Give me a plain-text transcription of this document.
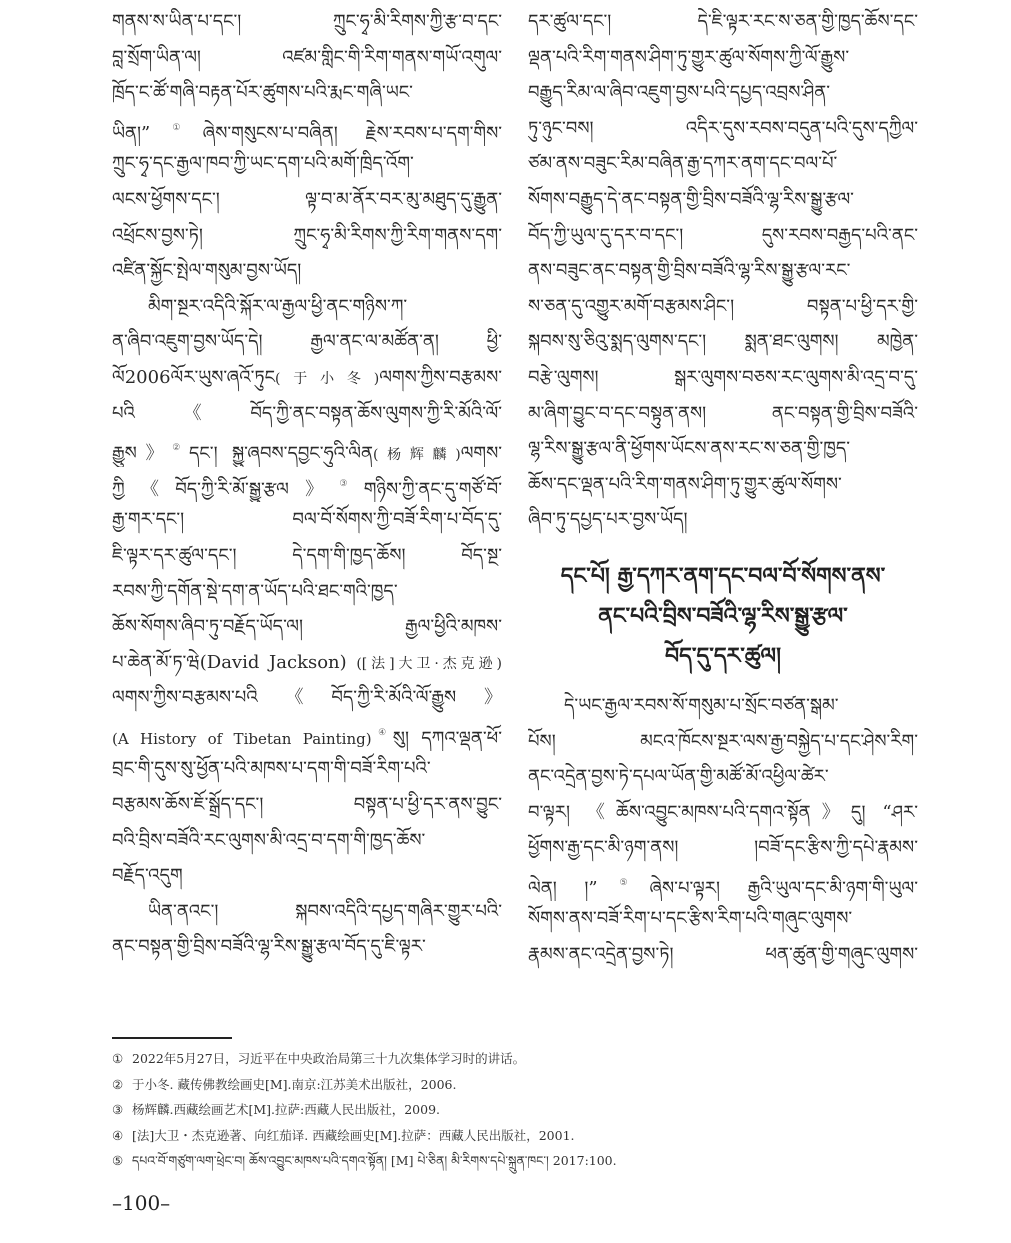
གནས་ས་ཡིན་པ་དང་། ཀྲུང་ཧྭ་མི་རིགས་ཀྱི་རྩ་བ་དང་
བླ་སྲོག་ཡིན་ལ། འཛམ་གླིང་གི་རིག་གནས་གཡོ་འགུལ་
ཁྲོད་ང་ཚོ་གཞི་བརྟན་པོར་ཚུགས་པའི་རྨང་གཞི་ཡང་
ཡིན།”①ཞེས་གསུངས་པ་བཞིན། རྗེས་རབས་པ་དག་གིས་
ཀྲུང་ཧྭ་དང་རྒྱལ་ཁབ་ཀྱི་ཡང་དག་པའི་མགོ་ཁྲིད་འོག་
ལངས་ཕྱོགས་དང་། ལྟ་བ་མ་ནོར་བར་མུ་མཐུད་དུ་རྒྱུན་
འཕྲོངས་བྱས་ཏེ། ཀྲུང་ཧྭ་མི་རིགས་ཀྱི་རིག་གནས་དག་
འཛིན་སྐྱོང་སྤེལ་གསུམ་བྱས་ཡོད།
མིག་སྔར་འདིའི་སྐོར་ལ་རྒྱལ་ཕྱི་ནང་གཉིས་ཀ་
ན་ཞིབ་འཇུག་བྱས་ཡོད་དེ། རྒྱལ་ནང་ལ་མཚོན་ན། ཕྱི་
ལོ2006ལོར་ཡུས་ཞའོ་ཏུང(于小冬)ལགས་ཀྱིས་བརྩམས་
པའི《བོད་ཀྱི་ནང་བསྟན་ཆོས་ལུགས་ཀྱི་རི་མོའི་ལོ་
རྒྱུས》②དང་། སྐྱུ་ཞབས་དབྱང་ཧུའི་ལིན(杨辉麟)ལགས་
ཀྱི《བོད་ཀྱི་རི་མོ་སྒྱུ་རྩལ》③གཉིས་ཀྱི་ནང་དུ་གཙོ་བོ་
རྒྱ་གར་དང་། བལ་བོ་སོགས་ཀྱི་བཟོ་རིག་པ་བོད་དུ་
ཇི་ལྟར་དར་ཚུལ་དང་། དེ་དག་གི་ཁྱད་ཆོས། བོད་སྔ་
རབས་ཀྱི་དགོན་སྡེ་དག་ན་ཡོད་པའི་ཐང་གའི་ཁྱད་
ཆོས་སོགས་ཞིབ་ཏུ་བརྗོད་ཡོད་ལ། རྒྱལ་ཕྱིའི་མཁས་
པ་ཆེན་མོ་ཏ་ཝེ(David Jackson) ([法]大卫·杰克逊)
ལགས་ཀྱིས་བརྩམས་པའི《བོད་ཀྱི་རི་མོའི་ལོ་རྒྱུས》
(A History of Tibetan Painting)④སུ། དཀའ་ལྡན་ཕོ་
བྲང་གི་དུས་སུ་ཕྱོན་པའི་མཁས་པ་དག་གི་བཟོ་རིག་པའི་
བརྩམས་ཆོས་ཇོ་སྒྲོད་དང་། བསྟན་པ་ཕྱི་དར་ནས་བྱུང་
བའི་བྲིས་བཟོའི་རང་ལུགས་མི་འདྲ་བ་དག་གི་ཁྱད་ཆོས་
བརྗོད་འདུག
ཡིན་ནའང་། སྐབས་འདིའི་དཔྱད་གཞིར་གྱུར་པའི་
ནང་བསྟན་གྱི་བྲིས་བཟོའི་ལྷ་རིས་སྒྱུ་རྩལ་བོད་དུ་ཇི་ལྟར་
དར་ཚུལ་དང་། དེ་ཇི་ལྟར་རང་ས་ཅན་གྱི་ཁྱད་ཆོས་དང་
ལྡན་པའི་རིག་གནས་ཤིག་ཏུ་གྱུར་ཚུལ་སོགས་ཀྱི་ལོ་རྒྱུས་
བརྒྱུད་རིམ་ལ་ཞིབ་འཇུག་བྱས་པའི་དཔྱད་འབྲས་ཤིན་
ཏུ་ཉུང་བས། འདིར་དུས་རབས་བདུན་པའི་དུས་དཀྱིལ་
ཙམ་ནས་བཟུང་རིམ་བཞིན་རྒྱ་དཀར་ནག་དང་བལ་པོ་
སོགས་བརྒྱུད་དེ་ནང་བསྟན་གྱི་བྲིས་བཟོའི་ལྷ་རིས་སྒྱུ་རྩལ་
བོད་ཀྱི་ཡུལ་དུ་དར་བ་དང་། དུས་རབས་བརྒྱད་པའི་ནང་
ནས་བཟུང་ནང་བསྟན་གྱི་བྲིས་བཟོའི་ལྷ་རིས་སྒྱུ་རྩལ་རང་
ས་ཅན་དུ་འགྱུར་མགོ་བརྩམས་ཤིང་། བསྟན་པ་ཕྱི་དར་གྱི་
སྐབས་སུ་ཅིའུ་སྨད་ལུགས་དང་། སྨན་ཐང་ལུགས། མཁྱེན་
བརྩེ་ལུགས། སྒར་ལུགས་བཅས་རང་ལུགས་མི་འདྲ་བ་དུ་
མ་ཞིག་བྱུང་བ་དང་བསྟུན་ནས། ནང་བསྟན་གྱི་བྲིས་བཟོའི་
ལྷ་རིས་སྒྱུ་རྩལ་ནི་ཕྱོགས་ཡོངས་ནས་རང་ས་ཅན་གྱི་ཁྱད་
ཆོས་དང་ལྡན་པའི་རིག་གནས་ཤིག་ཏུ་གྱུར་ཚུལ་སོགས་
ཞིབ་ཏུ་དཔྱད་པར་བྱས་ཡོད།
དང་པོ། རྒྱ་དཀར་ནག་དང་བལ་བོ་སོགས་ནས་
ནང་པའི་བྲིས་བཟོའི་ལྷ་རིས་སྒྱུ་རྩལ་
བོད་དུ་དར་ཚུལ།
དེ་ཡང་རྒྱལ་རབས་སོ་གསུམ་པ་སྲོང་བཙན་སྒམ་
པོས། མངའ་ཁོངས་སྔར་ལས་རྒྱ་བསྐྱེད་པ་དང་ཤེས་རིག་
ནང་འདྲེན་བྱས་ཏེ་དཔལ་ཡོན་གྱི་མཚོ་མོ་འཕྱིལ་ཚེར་
བ་ལྟར། 《ཆོས་འབྱུང་མཁས་པའི་དགའ་སྟོན》དུ། “ཤར་
ཕྱོགས་རྒྱ་དང་མི་ཉག་ནས། །བཟོ་དང་རྩིས་ཀྱི་དཔེ་རྣམས་
ལེན། །”⑤ཞེས་པ་ལྟར། རྒྱའི་ཡུལ་དང་མི་ཉག་གི་ཡུལ་
སོགས་ནས་བཟོ་རིག་པ་དང་རྩིས་རིག་པའི་གཞུང་ལུགས་
རྣམས་ནང་འདྲེན་བྱས་ཏེ། ཕན་ཚུན་གྱི་གཞུང་ལུགས་
① 2022年5月27日，习近平在中央政治局第三十九次集体学习时的讲话。
② 于小冬. 藏传佛教绘画史[M].南京:江苏美术出版社，2006.
③ 杨辉麟.西藏绘画艺术[M].拉萨:西藏人民出版社，2009.
④ [法]大卫・杰克逊著、向红茄译. 西藏绘画史[M].拉萨：西藏人民出版社，2001.
⑤ དཔའ་བོ་གཙུག་ལག་ཕྲེང་བ། ཆོས་འབྱུང་མཁས་པའི་དགའ་སྟོན། [M] པེ་ཅིན། མི་རིགས་དཔེ་སྐྲུན་ཁང་། 2017:100.
–100–
